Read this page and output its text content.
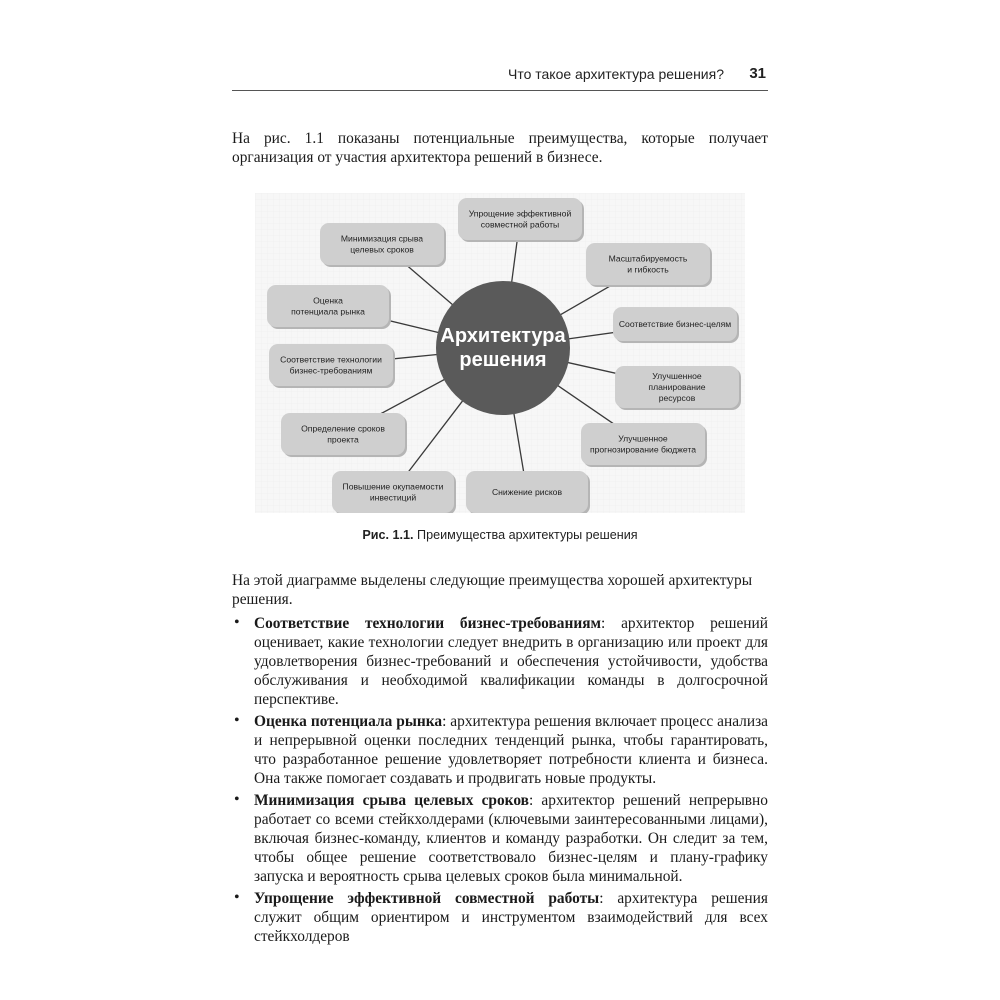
Что такое архитектура решения? 31

На рис. 1.1 показаны потенциальные преимущества, которые получает организация от участия архитектора решений в бизнесе.

Упрощение эффективной
совместной работы
Масштабируемость
и гибкость
Соответствие бизнес-целям
Улучшенное
планирование
ресурсов
Улучшенное
прогнозирование бюджета
Снижение рисков
Повышение окупаемости
инвестиций
Определение сроков
проекта
Соответствие технологии
бизнес-требованиям
Оценка
потенциала рынка
Минимизация срыва
целевых сроков
Архитектура
решения
Рис. 1.1. Преимущества архитектуры решения

На этой диаграмме выделены следующие преимущества хорошей архитектуры решения.

• Соответствие технологии бизнес-требованиям: архитектор решений оценивает, какие технологии следует внедрить в организацию или проект для удовлетворения бизнес-требований и обеспечения устойчивости, удобства обслуживания и необходимой квалификации команды в долгосрочной перспективе.
• Оценка потенциала рынка: архитектура решения включает процесс анализа и непрерывной оценки последних тенденций рынка, чтобы гарантировать, что разработанное решение удовлетворяет потребности клиента и бизнеса. Она также помогает создавать и продвигать новые продукты.
• Минимизация срыва целевых сроков: архитектор решений непрерывно работает со всеми стейкхолдерами (ключевыми заинтересованными лицами), включая бизнес-команду, клиентов и команду разработки. Он следит за тем, чтобы общее решение соответствовало бизнес-целям и плану-графику запуска и вероятность срыва целевых сроков была минимальной.
• Упрощение эффективной совместной работы: архитектура решения служит общим ориентиром и инструментом взаимодействий для всех стейкхолдеров
